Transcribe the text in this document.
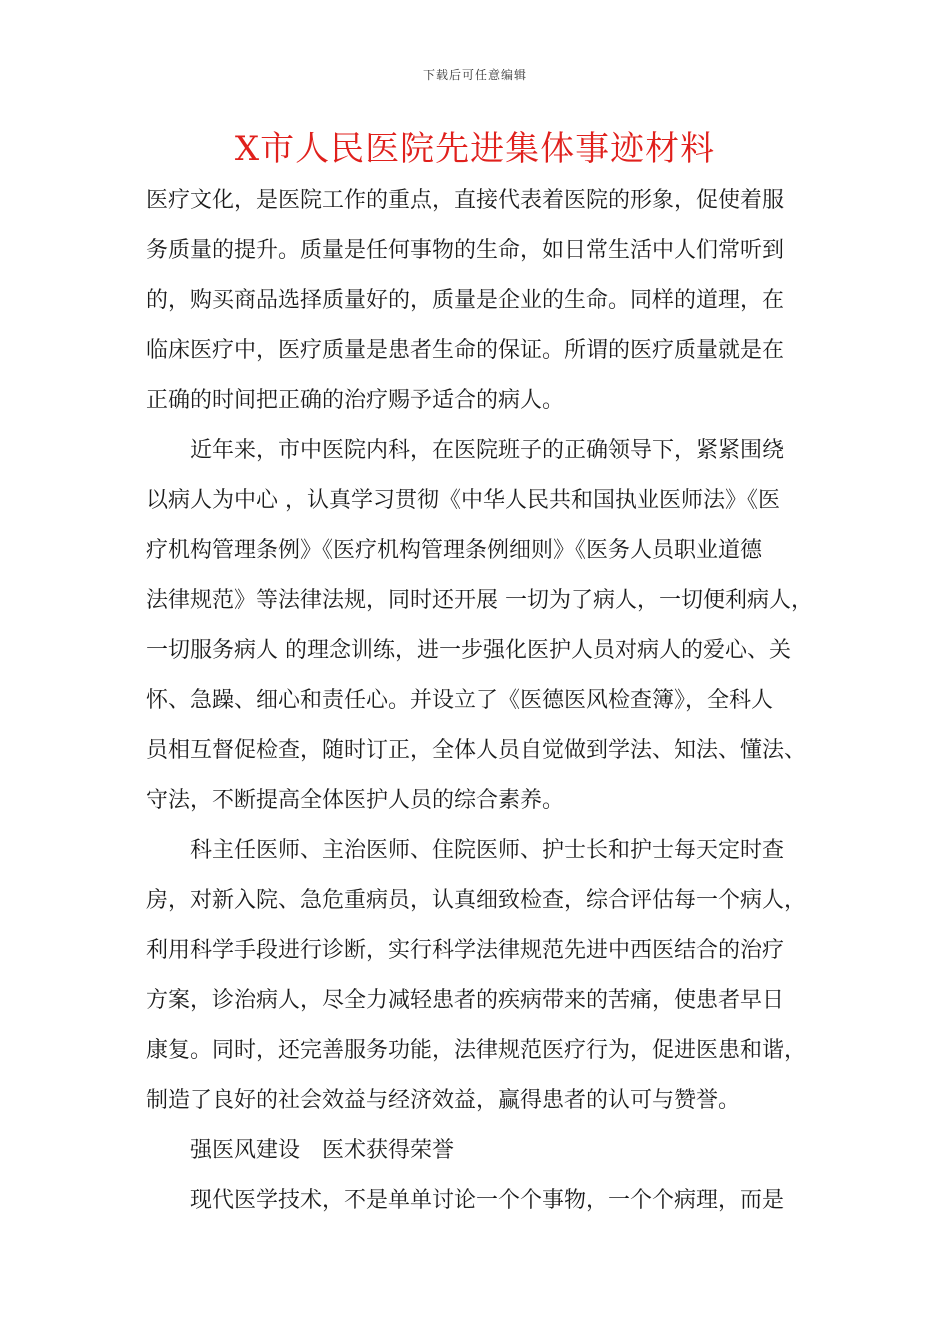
下载后可任意编辑
X市人民医院先进集体事迹材料
医疗文化，是医院工作的重点，直接代表着医院的形象，促使着服
务质量的提升。质量是任何事物的生命，如日常生活中人们常听到
的，购买商品选择质量好的，质量是企业的生命。同样的道理，在
临床医疗中，医疗质量是患者生命的保证。所谓的医疗质量就是在
正确的时间把正确的治疗赐予适合的病人。
近年来，市中医院内科，在医院班子的正确领导下，紧紧围绕
以病人为中心 ，认真学习贯彻《中华人民共和国执业医师法》《医
疗机构管理条例》《医疗机构管理条例细则》《医务人员职业道德
法律规范》等法律法规，同时还开展 一切为了病人，一切便利病人，
一切服务病人 的理念训练，进一步强化医护人员对病人的爱心、关
怀、急躁、细心和责任心。并设立了《医德医风检查簿》，全科人
员相互督促检查，随时订正，全体人员自觉做到学法、知法、懂法、
守法，不断提高全体医护人员的综合素养。
科主任医师、主治医师、住院医师、护士长和护士每天定时查
房，对新入院、急危重病员，认真细致检查，综合评估每一个病人，
利用科学手段进行诊断，实行科学法律规范先进中西医结合的治疗
方案，诊治病人，尽全力减轻患者的疾病带来的苦痛，使患者早日
康复。同时，还完善服务功能，法律规范医疗行为，促进医患和谐，
制造了良好的社会效益与经济效益，赢得患者的认可与赞誉。
强医风建设　医术获得荣誉
现代医学技术，不是单单讨论一个个事物，一个个病理，而是
